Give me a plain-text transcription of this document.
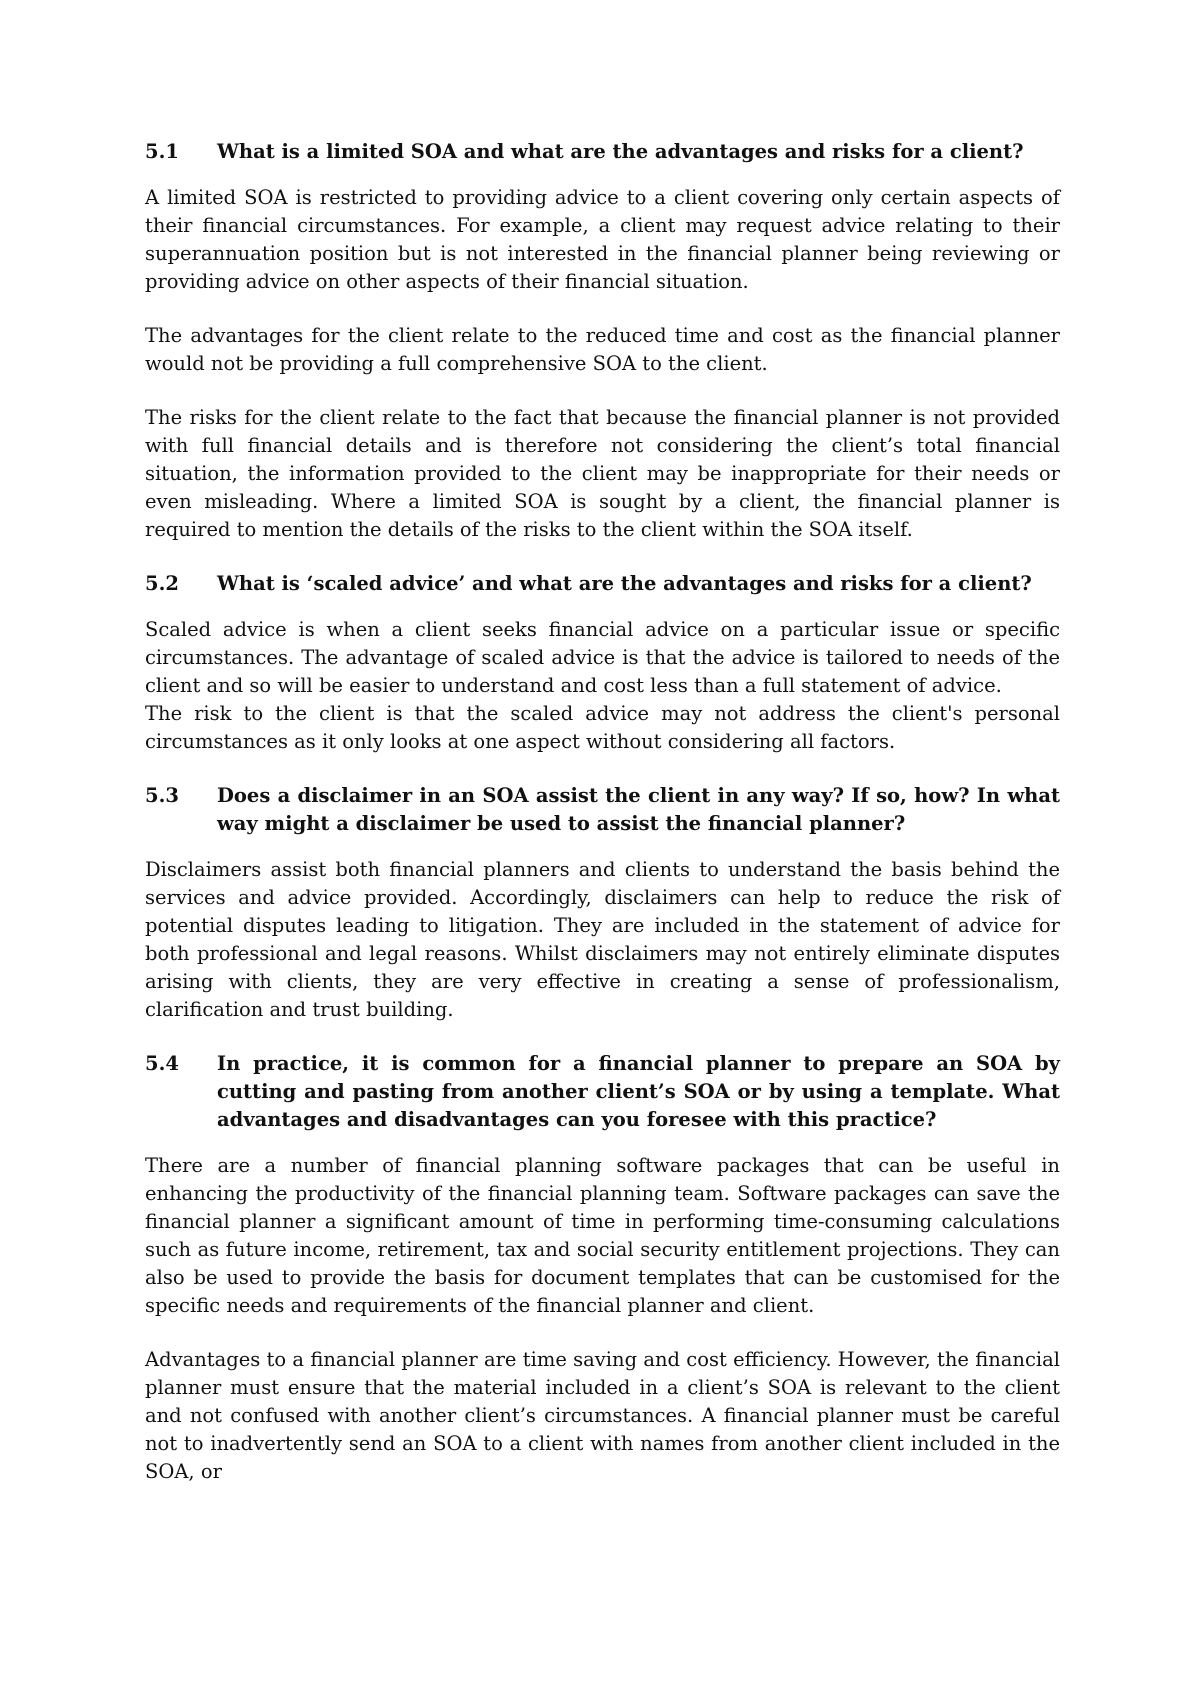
5.1	What is a limited SOA and what are the advantages and risks for a client?

A limited SOA is restricted to providing advice to a client covering only certain aspects of their financial circumstances. For example, a client may request advice relating to their superannuation position but is not interested in the financial planner being reviewing or providing advice on other aspects of their financial situation.

The advantages for the client relate to the reduced time and cost as the financial planner would not be providing a full comprehensive SOA to the client.

The risks for the client relate to the fact that because the financial planner is not provided with full financial details and is therefore not considering the client’s total financial situation, the information provided to the client may be inappropriate for their needs or even misleading. Where a limited SOA is sought by a client, the financial planner is required to mention the details of the risks to the client within the SOA itself.

5.2	What is ‘scaled advice’ and what are the advantages and risks for a client?

Scaled advice is when a client seeks financial advice on a particular issue or specific circumstances. The advantage of scaled advice is that the advice is tailored to needs of the client and so will be easier to understand and cost less than a full statement of advice.

The risk to the client is that the scaled advice may not address the client's personal circumstances as it only looks at one aspect without considering all factors.

5.3	Does a disclaimer in an SOA assist the client in any way? If so, how? In what way might a disclaimer be used to assist the financial planner?

Disclaimers assist both financial planners and clients to understand the basis behind the services and advice provided. Accordingly, disclaimers can help to reduce the risk of potential disputes leading to litigation. They are included in the statement of advice for both professional and legal reasons. Whilst disclaimers may not entirely eliminate disputes arising with clients, they are very effective in creating a sense of professionalism, clarification and trust building.

5.4	In practice, it is common for a financial planner to prepare an SOA by cutting and pasting from another client’s SOA or by using a template. What advantages and disadvantages can you foresee with this practice?

There are a number of financial planning software packages that can be useful in enhancing the productivity of the financial planning team. Software packages can save the financial planner a significant amount of time in performing time-consuming calculations such as future income, retirement, tax and social security entitlement projections. They can also be used to provide the basis for document templates that can be customised for the specific needs and requirements of the financial planner and client.

Advantages to a financial planner are time saving and cost efficiency. However, the financial planner must ensure that the material included in a client’s SOA is relevant to the client and not confused with another client’s circumstances. A financial planner must be careful not to inadvertently send an SOA to a client with names from another client included in the SOA, or
